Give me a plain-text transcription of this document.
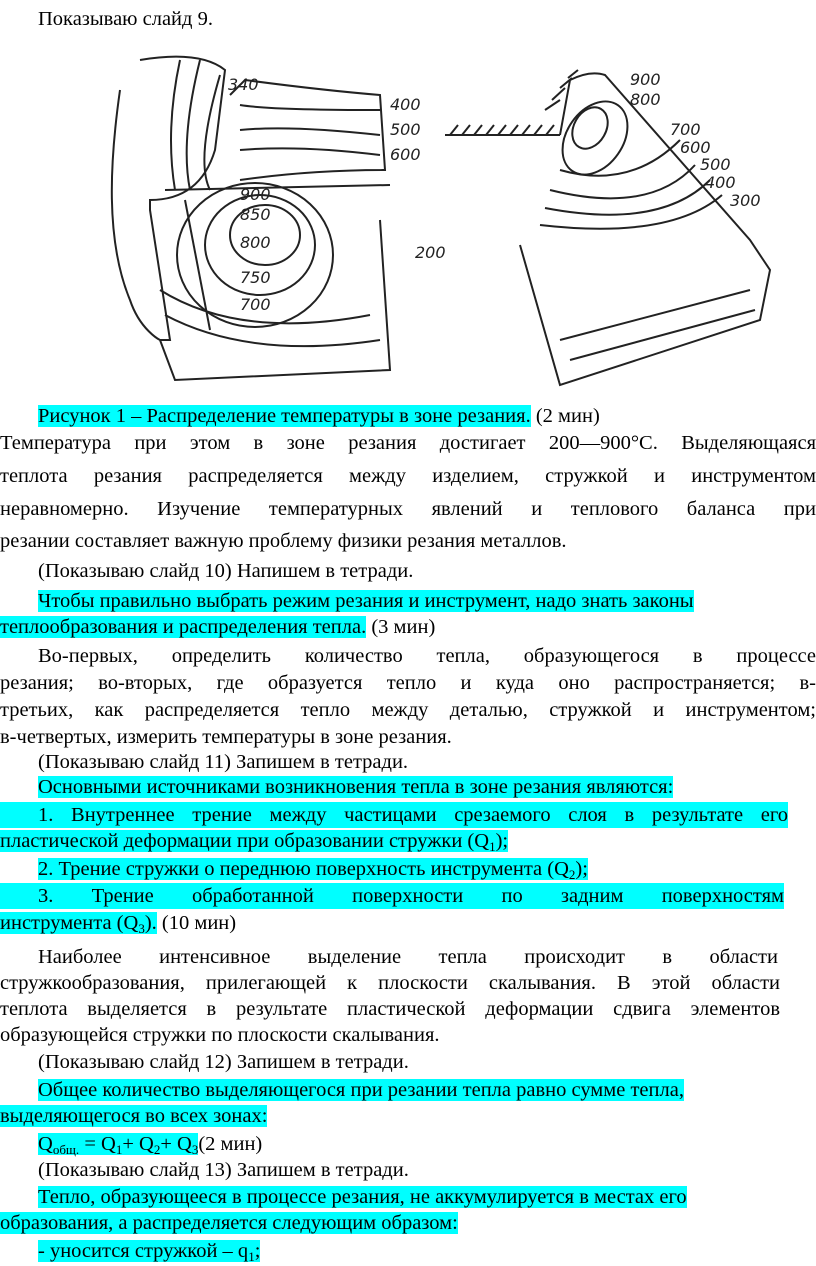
Показываю слайд 9.
340
400
500
600
900
850
800
750
700
900
800
700
600
500
400
300
200
Рисунок 1 – Распределение температуры в зоне резания. (2 мин)
Температура при этом в зоне резания достигает 200—900°С. Выделяющаяся
теплота резания распределяется между изделием, стружкой и инструментом
неравномерно. Изучение температурных явлений и теплового баланса при
резании составляет важную проблему физики резания металлов.
(Показываю слайд 10) Напишем в тетради.
Чтобы правильно выбрать режим резания и инструмент, надо знать законы
теплообразования и распределения тепла. (3 мин)
Во-первых, определить количество тепла, образующегося в процессе
резания; во-вторых, где образуется тепло и куда оно распространяется; в-
третьих, как распределяется тепло между деталью, стружкой и инструментом;
в-четвертых, измерить температуры в зоне резания.
(Показываю слайд 11) Запишем в тетради.
Основными источниками возникновения тепла в зоне резания являются:
1. Внутреннее трение между частицами срезаемого слоя в результате его
пластической деформации при образовании стружки $(Q_1)$;
2. Трение стружки о переднюю поверхность инструмента $(Q_2)$;
3. Трение обработанной поверхности по задним поверхностям
инструмента $(Q_3)$. (10 мин)
Наиболее интенсивное выделение тепла происходит в области
стружкообразования, прилегающей к плоскости скалывания. В этой области
теплота выделяется в результате пластической деформации сдвига элементов
образующейся стружки по плоскости скалывания.
(Показываю слайд 12) Запишем в тетради.
Общее количество выделяющегося при резании тепла равно сумме тепла,
выделяющегося во всех зонах:
$Q_{общ.} = Q_1+ Q_2+ Q_3(2$ мин)
(Показываю слайд 13) Запишем в тетради.
Тепло, образующееся в процессе резания, не аккумулируется в местах его
образования, а распределяется следующим образом:
- уносится стружкой – $q_1$;
